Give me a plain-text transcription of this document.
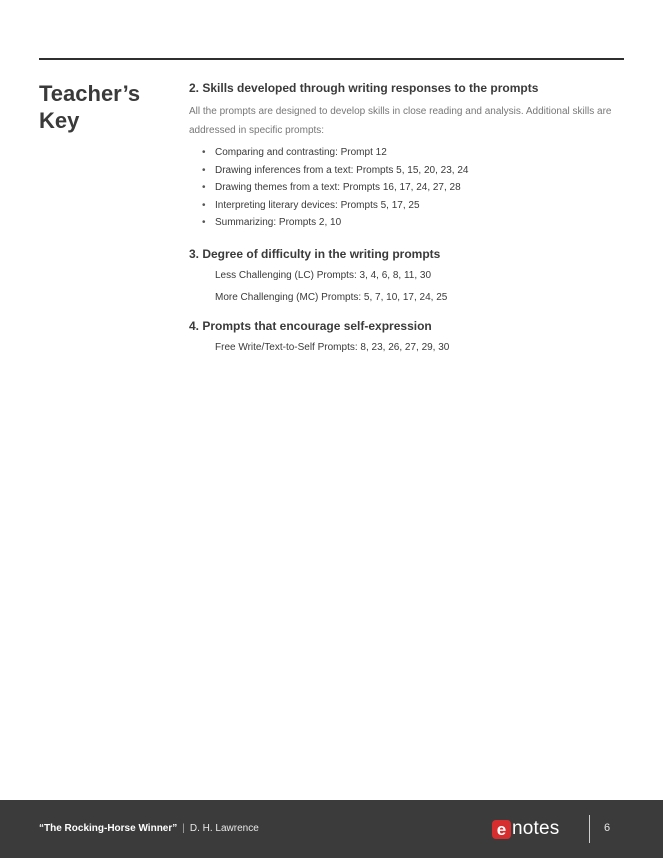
Teacher’s Key
2. Skills developed through writing responses to the prompts

All the prompts are designed to develop skills in close reading and analysis. Additional skills are addressed in specific prompts:

• Comparing and contrasting: Prompt 12
• Drawing inferences from a text: Prompts 5, 15, 20, 23, 24
• Drawing themes from a text: Prompts 16, 17, 24, 27, 28
• Interpreting literary devices: Prompts 5, 17, 25
• Summarizing: Prompts 2, 10
3. Degree of difficulty in the writing prompts
Less Challenging (LC) Prompts: 3, 4, 6, 8, 11, 30
More Challenging (MC) Prompts: 5, 7, 10, 17, 24, 25
4. Prompts that encourage self-expression
Free Write/Text-to-Self Prompts: 8, 23, 26, 27, 29, 30
“The Rocking-Horse Winner” | D. H. Lawrence	e notes	6
